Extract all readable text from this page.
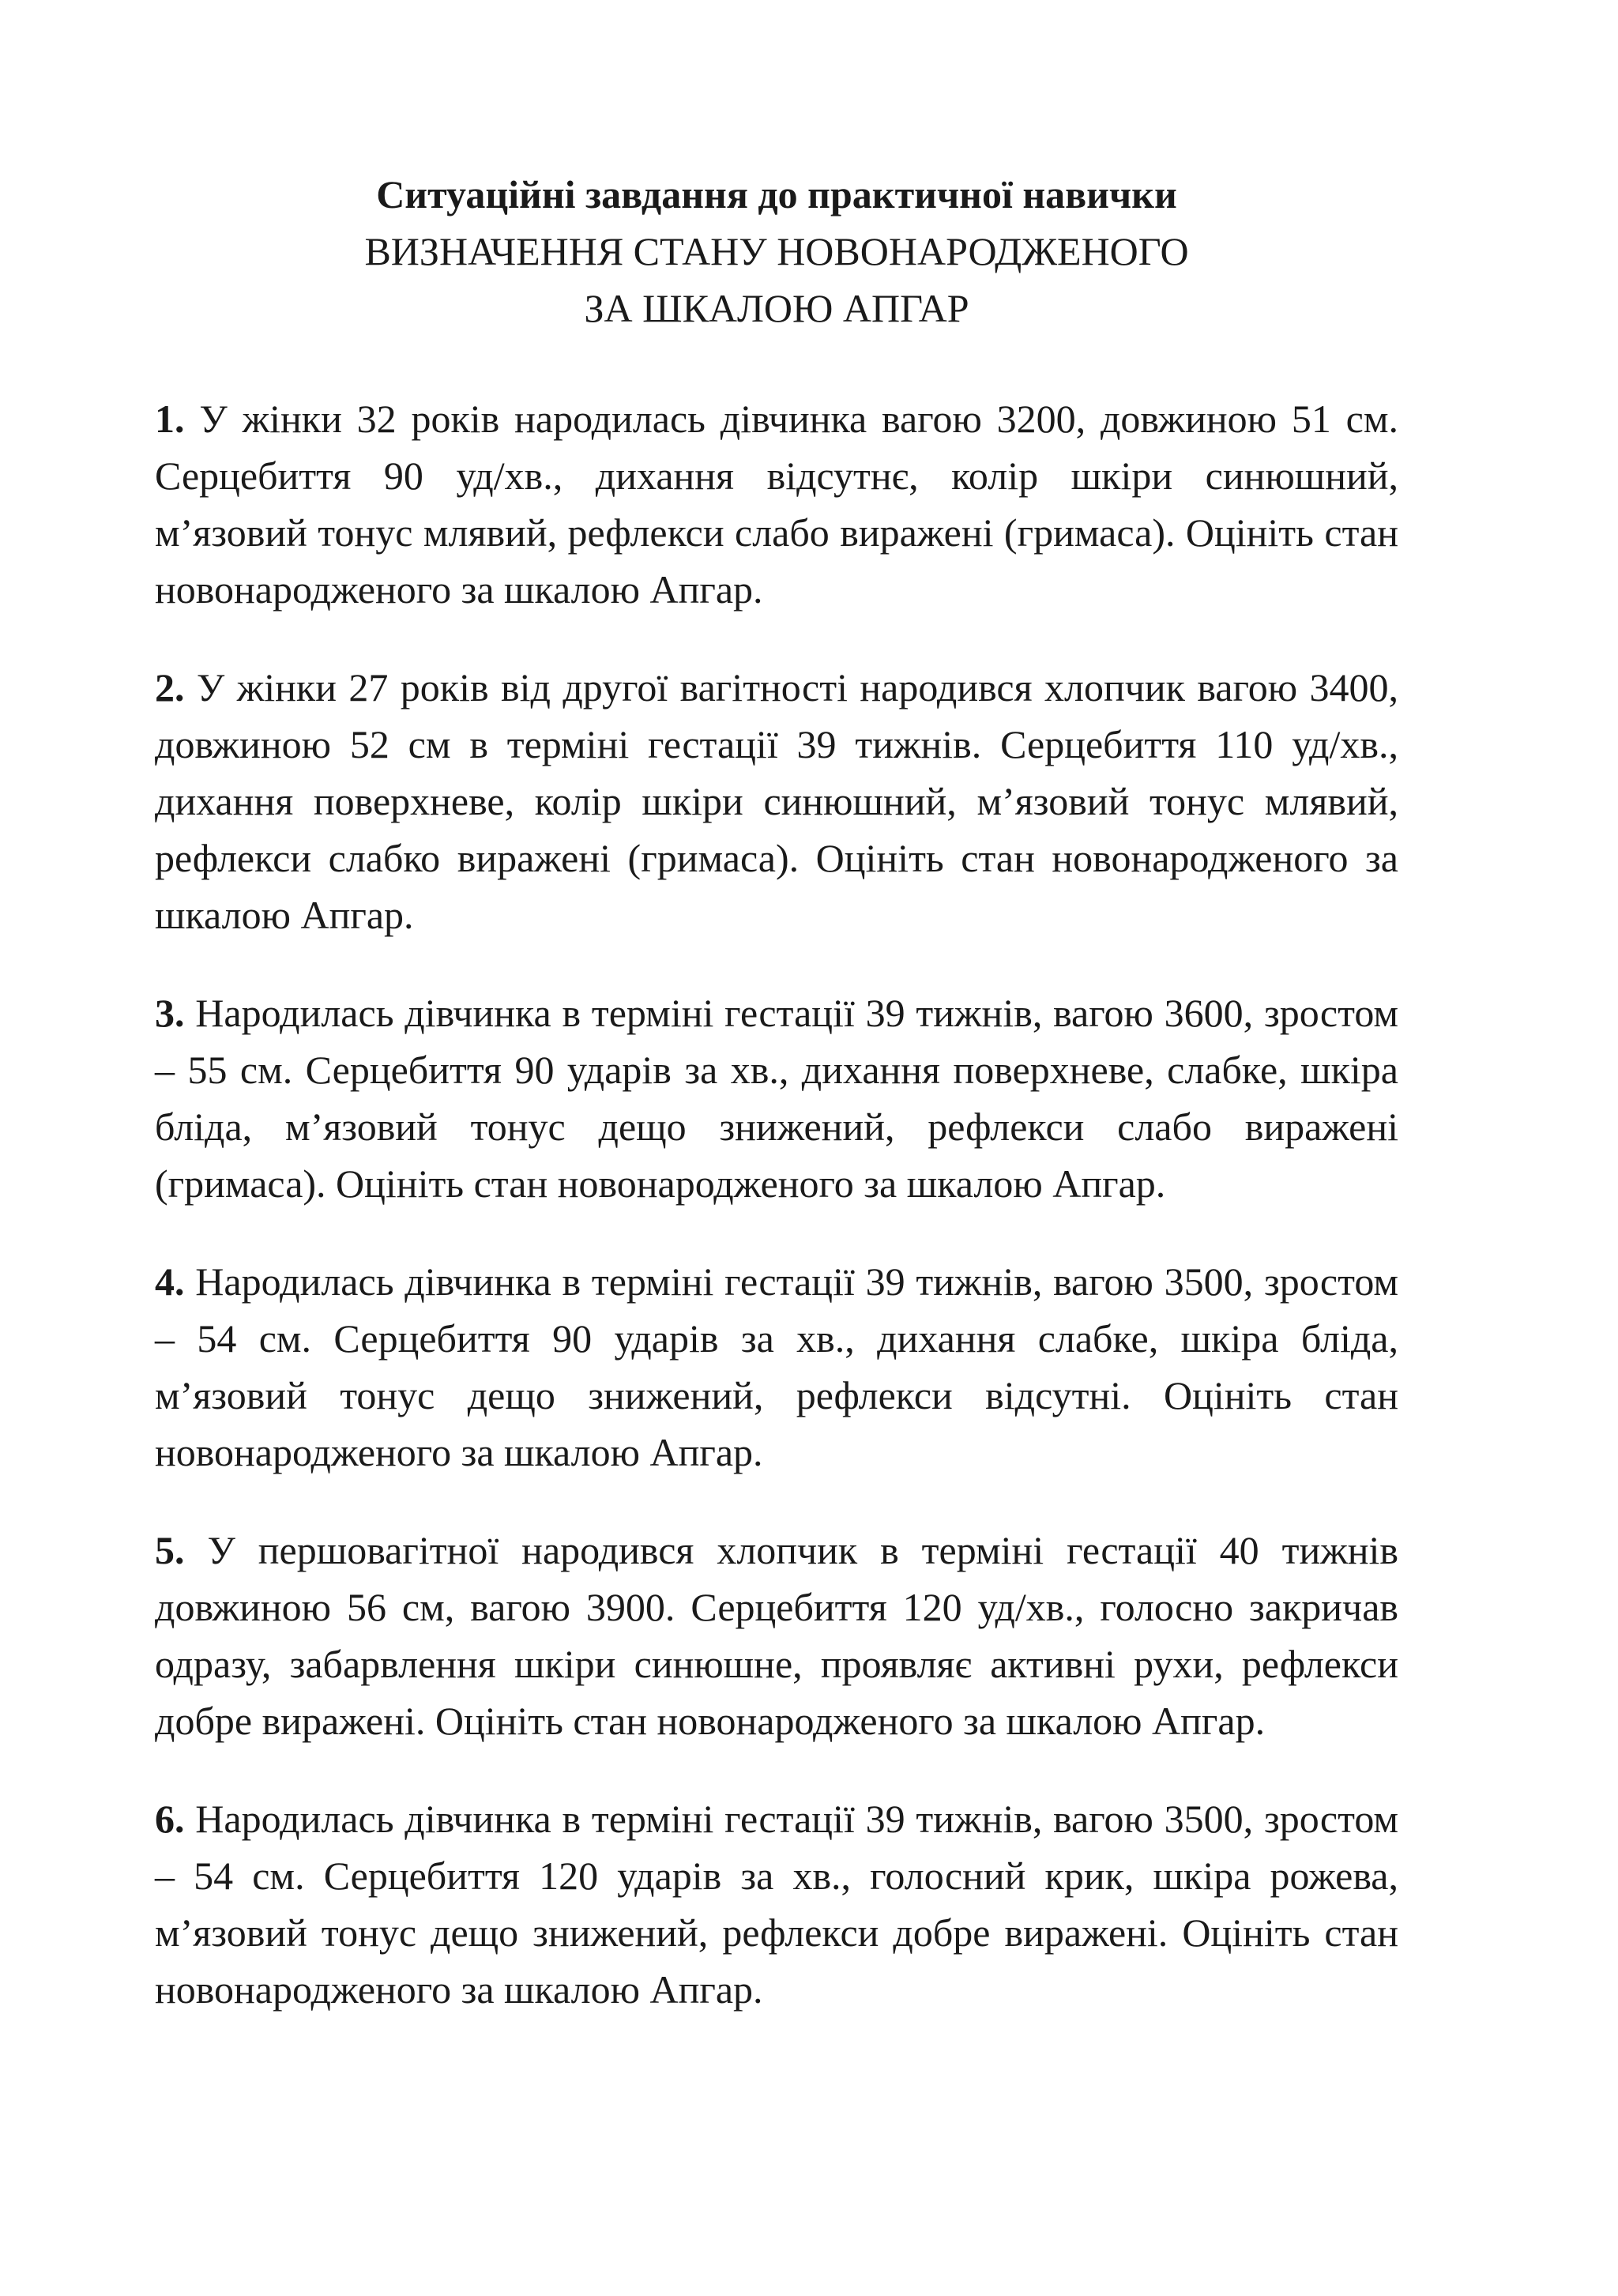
Ситуаційні завдання до практичної навички
ВИЗНАЧЕННЯ СТАНУ НОВОНАРОДЖЕНОГО
ЗА ШКАЛОЮ АПГАР

1. У жінки 32 років народилась дівчинка вагою 3200, довжиною 51 см. Серцебиття 90 уд/хв., дихання відсутнє, колір шкіри синюшний, м’язовий тонус млявий, рефлекси слабо виражені (гримаса). Оцініть стан новонародженого за шкалою Апгар.

2. У жінки 27 років від другої вагітності народився хлопчик вагою 3400, довжиною 52 см в терміні гестації 39 тижнів. Серцебиття 110 уд/хв., дихання поверхневе, колір шкіри синюшний, м’язовий тонус млявий, рефлекси слабко виражені (гримаса). Оцініть стан новонародженого за шкалою Апгар.

3. Народилась дівчинка в терміні гестації 39 тижнів, вагою 3600, зростом – 55 см. Серцебиття 90 ударів за хв., дихання поверхневе, слабке, шкіра бліда, м’язовий тонус дещо знижений, рефлекси слабо виражені (гримаса). Оцініть стан новонародженого за шкалою Апгар.

4. Народилась дівчинка в терміні гестації 39 тижнів, вагою 3500, зростом – 54 см. Серцебиття 90 ударів за хв., дихання слабке, шкіра бліда, м’язовий тонус дещо знижений, рефлекси відсутні. Оцініть стан новонародженого за шкалою Апгар.

5. У першовагітної народився хлопчик в терміні гестації 40 тижнів довжиною 56 см, вагою 3900. Серцебиття 120 уд/хв., голосно закричав одразу, забарвлення шкіри синюшне, проявляє активні рухи, рефлекси добре виражені. Оцініть стан новонародженого за шкалою Апгар.

6. Народилась дівчинка в терміні гестації 39 тижнів, вагою 3500, зростом – 54 см. Серцебиття 120 ударів за хв., голосний крик, шкіра рожева, м’язовий тонус дещо знижений, рефлекси добре виражені. Оцініть стан новонародженого за шкалою Апгар.
